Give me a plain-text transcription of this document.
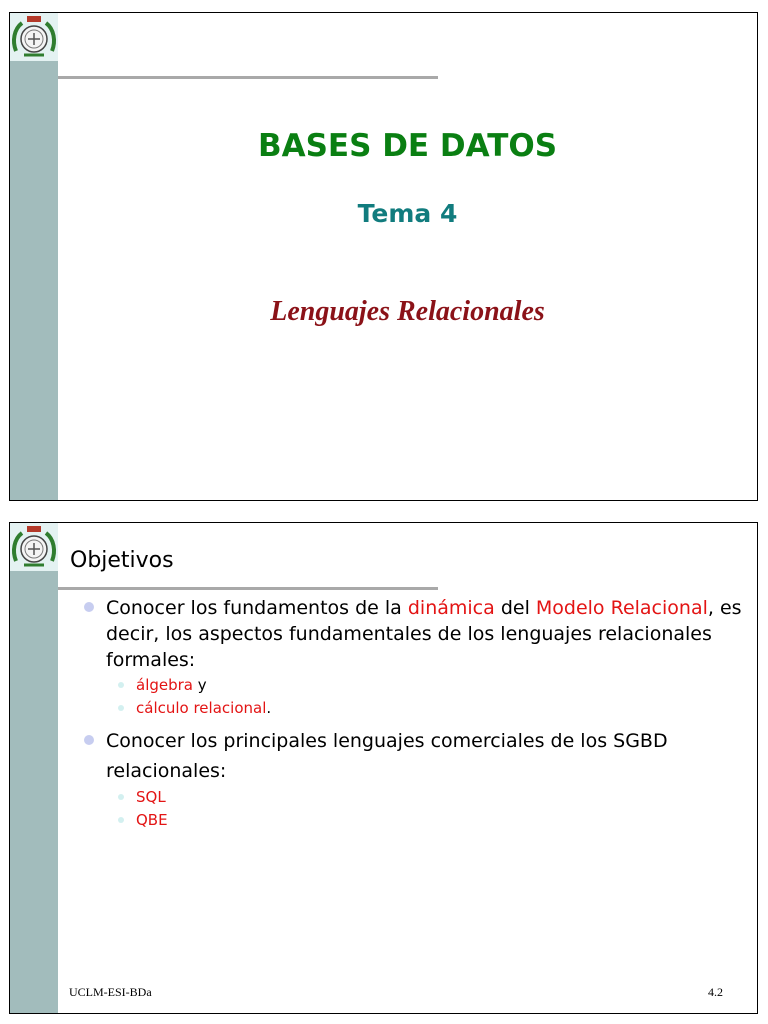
BASES DE DATOS
Tema 4

Lenguajes Relacionales

Objetivos
Conocer los fundamentos de la dinámica del Modelo Relacional, es decir, los aspectos fundamentales de los lenguajes relacionales formales:
álgebra y
cálculo relacional.
Conocer los principales lenguajes comerciales de los SGBD relacionales:
SQL
QBE

UCLM-ESI-BDa	4.2
